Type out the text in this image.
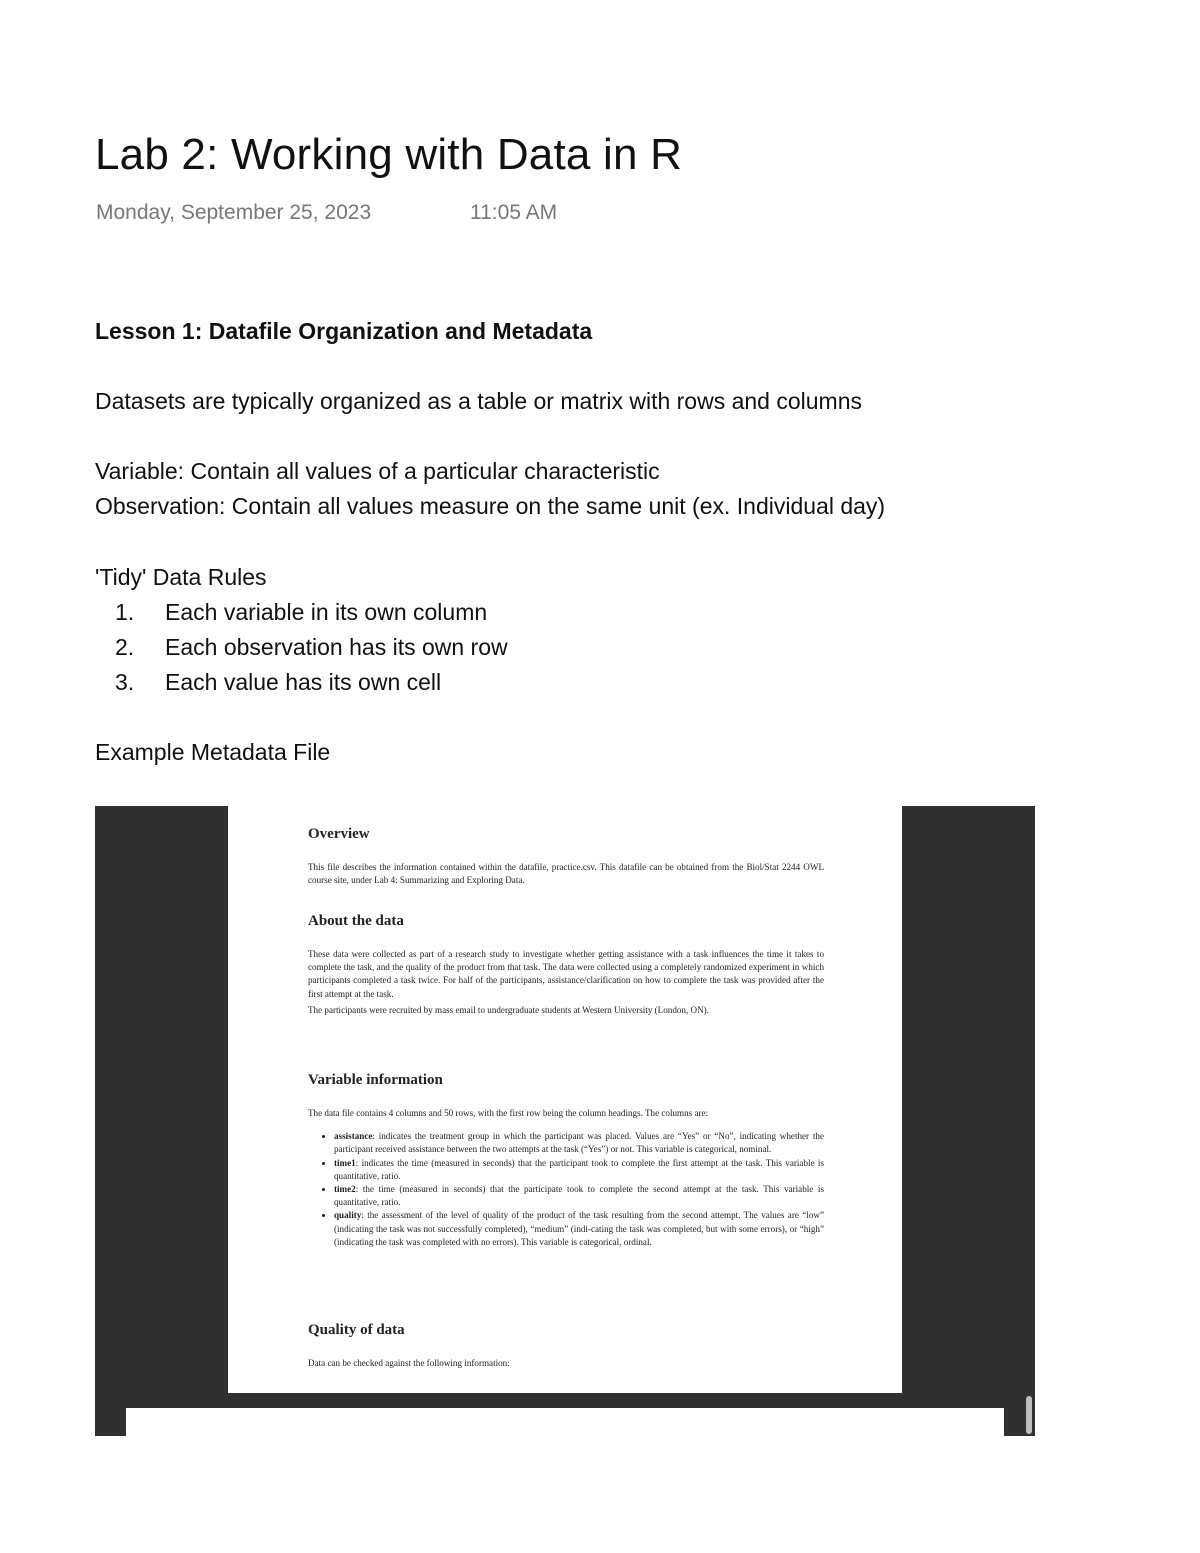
Lab 2: Working with Data in R
Monday, September 25, 2023	11:05 AM
Lesson 1: Datafile Organization and Metadata
Datasets are typically organized as a table or matrix with rows and columns
Variable: Contain all values of a particular characteristic
Observation: Contain all values measure on the same unit (ex. Individual day)
'Tidy' Data Rules
1. Each variable in its own column
2. Each observation has its own row
3. Each value has its own cell
Example Metadata File
Overview

This file describes the information contained within the datafile, practice.csv. This datafile can be obtained from the Biol/Stat 2244 OWL course site, under Lab 4: Summarizing and Exploring Data.

About the data

These data were collected as part of a research study to investigate whether getting assistance with a task influences the time it takes to complete the task, and the quality of the product from that task. The data were collected using a completely randomized experiment in which participants completed a task twice. For half of the participants, assistance/clarification on how to complete the task was provided after the first attempt at the task.

The participants were recruited by mass email to undergraduate students at Western University (London, ON).

Variable information

The data file contains 4 columns and 50 rows, with the first row being the column headings. The columns are:

• assistance: indicates the treatment group in which the participant was placed. Values are “Yes” or “No”, indicating whether the participant received assistance between the two attempts at the task (“Yes”) or not. This variable is categorical, nominal.
• time1: indicates the time (measured in seconds) that the participant took to complete the first attempt at the task. This variable is quantitative, ratio.
• time2: the time (measured in seconds) that the participate took to complete the second attempt at the task. This variable is quantitative, ratio.
• quality: the assessment of the level of quality of the product of the task resulting from the second attempt. The values are “low” (indicating the task was not successfully completed), “medium” (indi-cating the task was completed, but with some errors), or “high” (indicating the task was completed with no errors). This variable is categorical, ordinal.
Quality of data

Data can be checked against the following information:
